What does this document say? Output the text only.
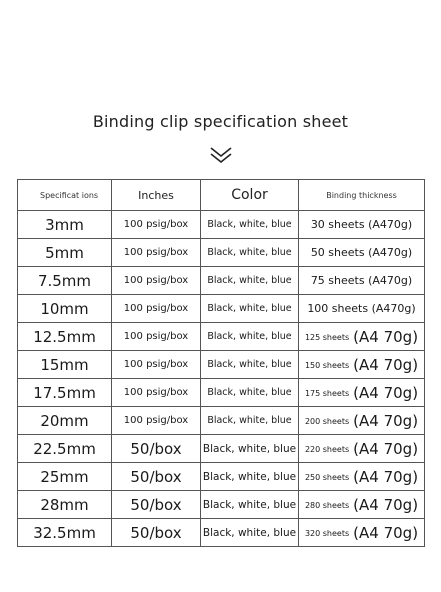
Binding clip specification sheet
Specificat ions	Inches	Color	Binding thickness
3mm	100 psig/box	Black, white, blue	30 sheets (A470g)
5mm	100 psig/box	Black, white, blue	50 sheets (A470g)
7.5mm	100 psig/box	Black, white, blue	75 sheets (A470g)
10mm	100 psig/box	Black, white, blue	100 sheets (A470g)
12.5mm	100 psig/box	Black, white, blue	125 sheets (A4 70g)
15mm	100 psig/box	Black, white, blue	150 sheets (A4 70g)
17.5mm	100 psig/box	Black, white, blue	175 sheets (A4 70g)
20mm	100 psig/box	Black, white, blue	200 sheets (A4 70g)
22.5mm	50/box	Black, white, blue	220 sheets (A4 70g)
25mm	50/box	Black, white, blue	250 sheets (A4 70g)
28mm	50/box	Black, white, blue	280 sheets (A4 70g)
32.5mm	50/box	Black, white, blue	320 sheets (A4 70g)
